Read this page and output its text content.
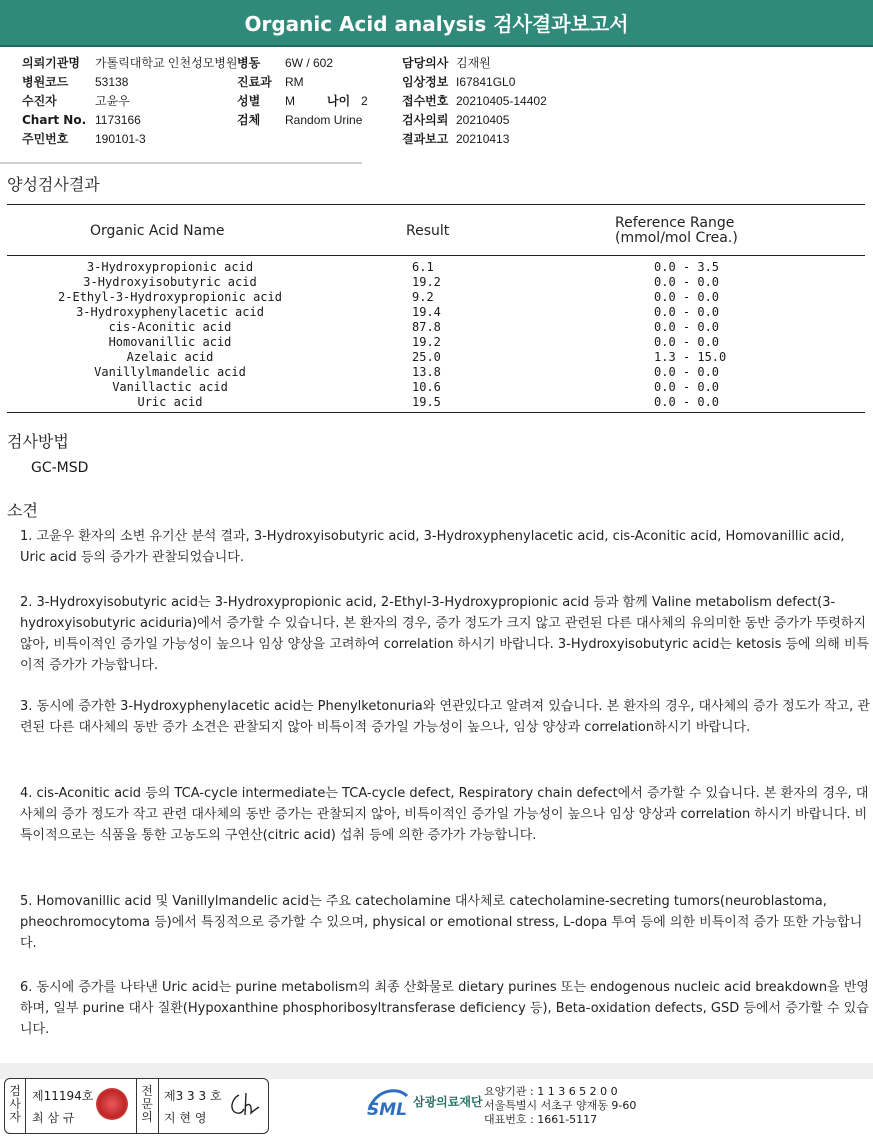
Organic Acid analysis 검사결과보고서
의뢰기관명	가톨릭대학교 인천성모병원
병원코드	53138
수진자	고윤우
Chart No. 1173166
주민번호	190101-3
병동	6W / 602
진료과	RM
성별	M	나이 2
검체	Random Urine
담당의사 김재원
임상정보 I67841GL0
접수번호 20210405-14402
검사의뢰 20210405
결과보고 20210413
양성검사결과
Organic Acid Name	Result	Reference Range
(mmol/mol Crea.)
3-Hydroxypropionic acid	6.1	0.0 - 3.5
3-Hydroxyisobutyric acid	19.2	0.0 - 0.0
2-Ethyl-3-Hydroxypropionic acid	9.2	0.0 - 0.0
3-Hydroxyphenylacetic acid	19.4	0.0 - 0.0
cis-Aconitic acid	87.8	0.0 - 0.0
Homovanillic acid	19.2	0.0 - 0.0
Azelaic acid	25.0	1.3 - 15.0
Vanillylmandelic acid	13.8	0.0 - 0.0
Vanillactic acid	10.6	0.0 - 0.0
Uric acid	19.5	0.0 - 0.0
검사방법
GC-MSD
소견
1. 고윤우 환자의 소변 유기산 분석 결과, 3-Hydroxyisobutyric acid, 3-Hydroxyphenylacetic acid, cis-Aconitic acid, Homovanillic acid, Uric acid 등의 증가가 관찰되었습니다.
2. 3-Hydroxyisobutyric acid는 3-Hydroxypropionic acid, 2-Ethyl-3-Hydroxypropionic acid 등과 함께 Valine metabolism defect(3-hydroxyisobutyric aciduria)에서 증가할 수 있습니다. 본 환자의 경우, 증가 정도가 크지 않고 관련된 다른 대사체의 유의미한 동반 증가가 뚜렷하지 않아, 비특이적인 증가일 가능성이 높으나 임상 양상을 고려하여 correlation 하시기 바랍니다. 3-Hydroxyisobutyric acid는 ketosis 등에 의해 비특이적 증가가 가능합니다.
3. 동시에 증가한 3-Hydroxyphenylacetic acid는 Phenylketonuria와 연관있다고 알려져 있습니다. 본 환자의 경우, 대사체의 증가 정도가 작고, 관련된 다른 대사체의 동반 증가 소견은 관찰되지 않아 비특이적 증가일 가능성이 높으나, 임상 양상과 correlation하시기 바랍니다.
4. cis-Aconitic acid 등의 TCA-cycle intermediate는 TCA-cycle defect, Respiratory chain defect에서 증가할 수 있습니다. 본 환자의 경우, 대사체의 증가 정도가 작고 관련 대사체의 동반 증가는 관찰되지 않아, 비특이적인 증가일 가능성이 높으나 임상 양상과 correlation 하시기 바랍니다. 비특이적으로는 식품을 통한 고농도의 구연산(citric acid) 섭취 등에 의한 증가가 가능합니다.
5. Homovanillic acid 및 Vanillylmandelic acid는 주요 catecholamine 대사체로 catecholamine-secreting tumors(neuroblastoma, pheochromocytoma 등)에서 특징적으로 증가할 수 있으며, physical or emotional stress, L-dopa 투여 등에 의한 비특이적 증가 또한 가능합니다.
6. 동시에 증가를 나타낸 Uric acid는 purine metabolism의 최종 산화물로 dietary purines 또는 endogenous nucleic acid breakdown을 반영하며, 일부 purine 대사 질환(Hypoxanthine phosphoribosyltransferase deficiency 등), Beta-oxidation defects, GSD 등에서 증가할 수 있습니다.
검사자
제11194호
최 삼 규
전문의
제3 3 3 호
지 현 영	SML 삼광의료재단
요양기관 : 1 1 3 6 5 2 0 0
서울특별시 서초구 양재동 9-60
대표번호 : 1661-5117
